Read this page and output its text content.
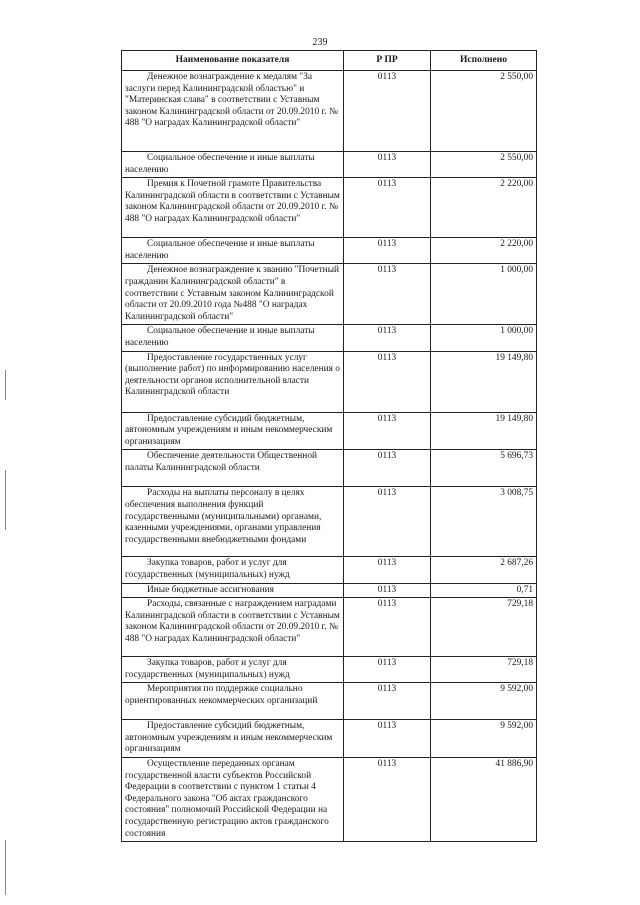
239
Наименование показателя	Р ПР	Исполнено
Денежное вознаграждение к медалям "За заслуги перед Калининградской областью" и "Материнская слава" в соответствии с Уставным законом Калининградской области от 20.09.2010 г. № 488 "О наградах Калининградской области"	0113	2 550,00
Социальное обеспечение и иные выплаты населению	0113	2 550,00
Премия к Почетной грамоте Правительства Калининградской области в соответствии с Уставным законом Калининградской области от 20.09.2010 г. № 488 "О наградах Калининградской области"	0113	2 220,00
Социальное обеспечение и иные выплаты населению	0113	2 220,00
Денежное вознаграждение к званию "Почетный гражданин Калининградской области" в соответствии с Уставным законом Калининградской области от 20.09.2010 года №488 "О наградах Калининградской области"	0113	1 000,00
Социальное обеспечение и иные выплаты населению	0113	1 000,00
Предоставление государственных услуг (выполнение работ) по информированию населения о деятельности органов исполнительной власти Калининградской области	0113	19 149,80
Предоставление субсидий бюджетным, автономным учреждениям и иным некоммерческим организациям	0113	19 149,80
Обеспечение деятельности Общественной палаты Калининградской области	0113	5 696,73
Расходы на выплаты персоналу в целях обеспечения выполнения функций государственными (муниципальными) органами, казенными учреждениями, органами управления государственными внебюджетными фондами	0113	3 008,75
Закупка товаров, работ и услуг для государственных (муниципальных) нужд	0113	2 687,26
Иные бюджетные ассигнования	0113	0,71
Расходы, связанные с награждением наградами Калининградской области в соответствии с Уставным законом Калининградской области от 20.09.2010 г. № 488 "О наградах Калининградской области"	0113	729,18
Закупка товаров, работ и услуг для государственных (муниципальных) нужд	0113	729,18
Мероприятия по поддержке социально ориентированных некоммерческих организаций	0113	9 592,00
Предоставление субсидий бюджетным, автономным учреждениям и иным некоммерческим организациям	0113	9 592,00
Осуществление переданных органам государственной власти субъектов Российской Федерации в соответствии с пунктом 1 статьи 4 Федерального закона "Об актах гражданского состояния" полномочий Российской Федерации на государственную регистрацию актов гражданского состояния	0113	41 886,90
